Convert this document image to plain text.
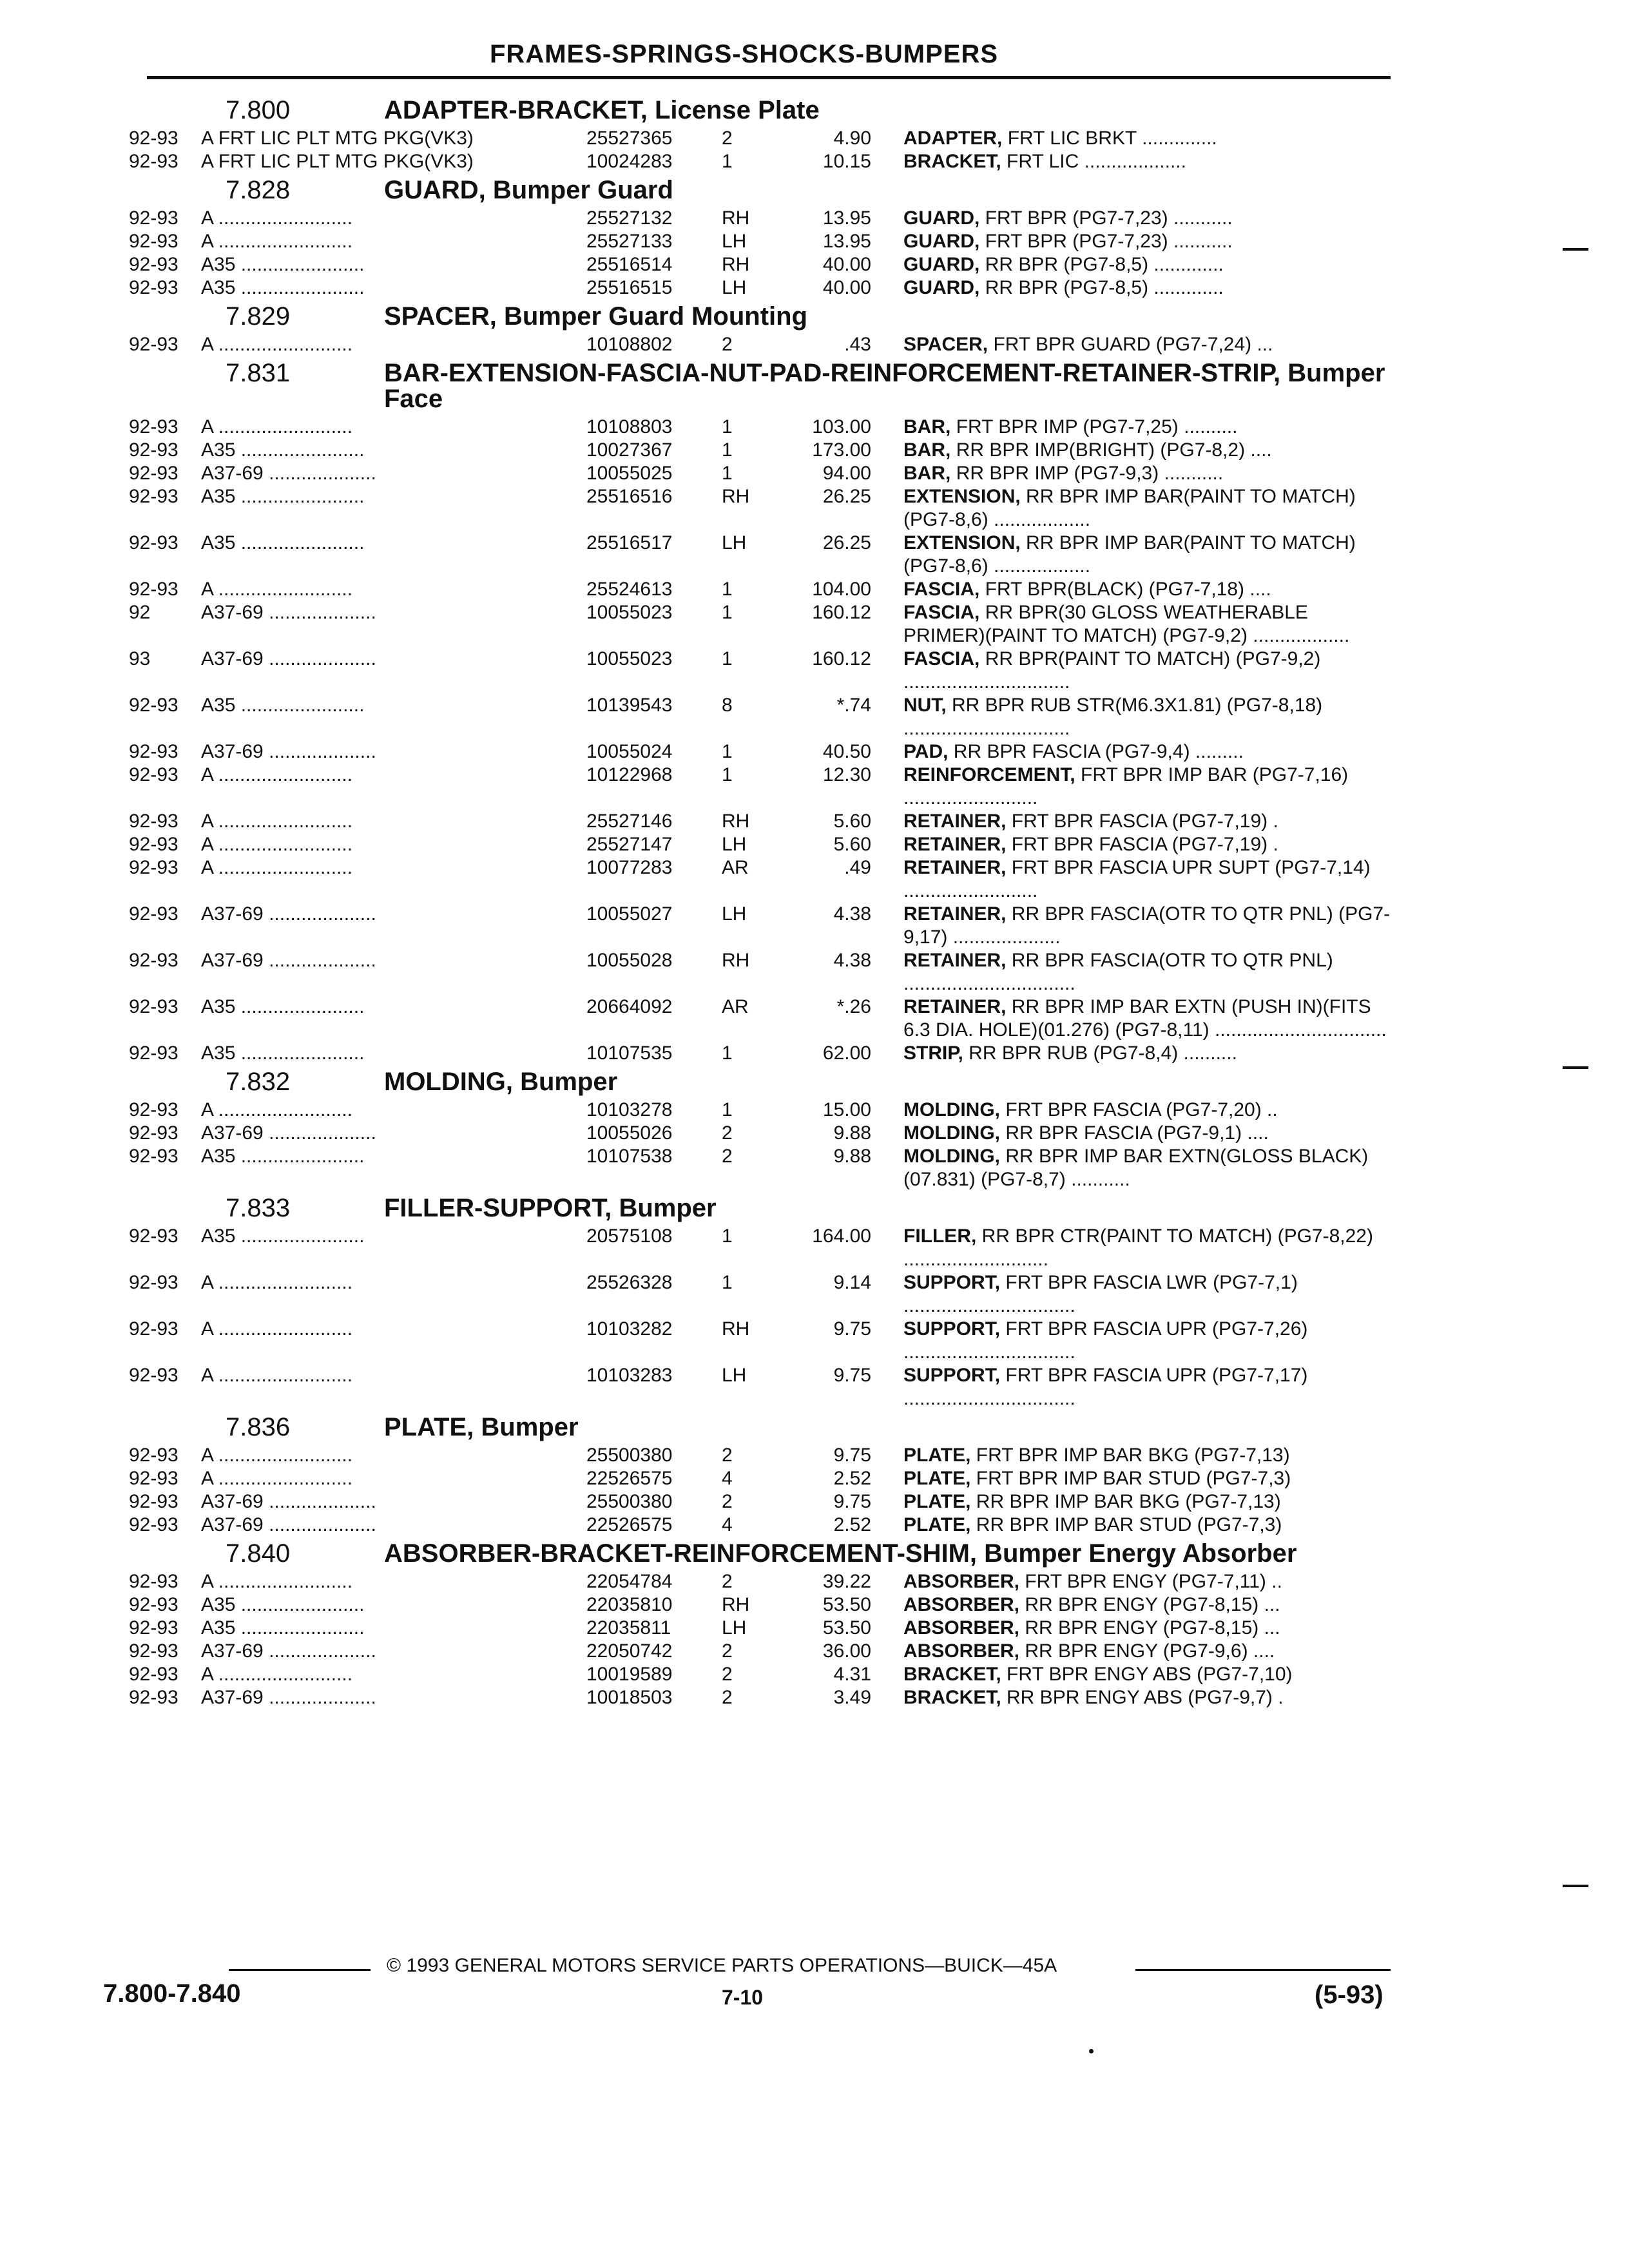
FRAMES-SPRINGS-SHOCKS-BUMPERS
7.800	ADAPTER-BRACKET, License Plate
92-93	A FRT LIC PLT MTG PKG(VK3)	25527365	2	4.90	ADAPTER, FRT LIC BRKT ..............
92-93	A FRT LIC PLT MTG PKG(VK3)	10024283	1	10.15	BRACKET, FRT LIC ...................
7.828	GUARD, Bumper Guard
92-93	A .........................	25527132	RH	13.95	GUARD, FRT BPR (PG7-7,23) ...........
92-93	A .........................	25527133	LH	13.95	GUARD, FRT BPR (PG7-7,23) ...........
92-93	A35 .......................	25516514	RH	40.00	GUARD, RR BPR (PG7-8,5) .............
92-93	A35 .......................	25516515	LH	40.00	GUARD, RR BPR (PG7-8,5) .............
7.829	SPACER, Bumper Guard Mounting
92-93	A .........................	10108802	2	.43	SPACER, FRT BPR GUARD (PG7-7,24) ...
7.831	BAR-EXTENSION-FASCIA-NUT-PAD-REINFORCEMENT-RETAINER-STRIP, Bumper Face
92-93	A .........................	10108803	1	103.00	BAR, FRT BPR IMP (PG7-7,25) ..........
92-93	A35 .......................	10027367	1	173.00	BAR, RR BPR IMP(BRIGHT) (PG7-8,2) ....
92-93	A37-69 ....................	10055025	1	94.00	BAR, RR BPR IMP (PG7-9,3) ...........
92-93	A35 .......................	25516516	RH	26.25	EXTENSION, RR BPR IMP BAR(PAINT TO MATCH) (PG7-8,6) ..................
92-93	A35 .......................	25516517	LH	26.25	EXTENSION, RR BPR IMP BAR(PAINT TO MATCH) (PG7-8,6) ..................
92-93	A .........................	25524613	1	104.00	FASCIA, FRT BPR(BLACK) (PG7-7,18) ....
92	A37-69 ....................	10055023	1	160.12	FASCIA, RR BPR(30 GLOSS WEATHERABLE PRIMER)(PAINT TO MATCH) (PG7-9,2) ..................
93	A37-69 ....................	10055023	1	160.12	FASCIA, RR BPR(PAINT TO MATCH) (PG7-9,2) ...............................
92-93	A35 .......................	10139543	8	*.74	NUT, RR BPR RUB STR(M6.3X1.81) (PG7-8,18) ...............................
92-93	A37-69 ....................	10055024	1	40.50	PAD, RR BPR FASCIA (PG7-9,4) .........
92-93	A .........................	10122968	1	12.30	REINFORCEMENT, FRT BPR IMP BAR (PG7-7,16) .........................
92-93	A .........................	25527146	RH	5.60	RETAINER, FRT BPR FASCIA (PG7-7,19) .
92-93	A .........................	25527147	LH	5.60	RETAINER, FRT BPR FASCIA (PG7-7,19) .
92-93	A .........................	10077283	AR	.49	RETAINER, FRT BPR FASCIA UPR SUPT (PG7-7,14) .........................
92-93	A37-69 ....................	10055027	LH	4.38	RETAINER, RR BPR FASCIA(OTR TO QTR PNL) (PG7-9,17) ....................
92-93	A37-69 ....................	10055028	RH	4.38	RETAINER, RR BPR FASCIA(OTR TO QTR PNL) ................................
92-93	A35 .......................	20664092	AR	*.26	RETAINER, RR BPR IMP BAR EXTN (PUSH IN)(FITS 6.3 DIA. HOLE)(01.276) (PG7-8,11) ................................
92-93	A35 .......................	10107535	1	62.00	STRIP, RR BPR RUB (PG7-8,4) ..........
7.832	MOLDING, Bumper
92-93	A .........................	10103278	1	15.00	MOLDING, FRT BPR FASCIA (PG7-7,20) ..
92-93	A37-69 ....................	10055026	2	9.88	MOLDING, RR BPR FASCIA (PG7-9,1) ....
92-93	A35 .......................	10107538	2	9.88	MOLDING, RR BPR IMP BAR EXTN(GLOSS BLACK)(07.831) (PG7-8,7) ...........
7.833	FILLER-SUPPORT, Bumper
92-93	A35 .......................	20575108	1	164.00	FILLER, RR BPR CTR(PAINT TO MATCH) (PG7-8,22) ...........................
92-93	A .........................	25526328	1	9.14	SUPPORT, FRT BPR FASCIA LWR (PG7-7,1) ................................
92-93	A .........................	10103282	RH	9.75	SUPPORT, FRT BPR FASCIA UPR (PG7-7,26) ................................
92-93	A .........................	10103283	LH	9.75	SUPPORT, FRT BPR FASCIA UPR (PG7-7,17) ................................
7.836	PLATE, Bumper
92-93	A .........................	25500380	2	9.75	PLATE, FRT BPR IMP BAR BKG (PG7-7,13)
92-93	A .........................	22526575	4	2.52	PLATE, FRT BPR IMP BAR STUD (PG7-7,3)
92-93	A37-69 ....................	25500380	2	9.75	PLATE, RR BPR IMP BAR BKG (PG7-7,13)
92-93	A37-69 ....................	22526575	4	2.52	PLATE, RR BPR IMP BAR STUD (PG7-7,3)
7.840	ABSORBER-BRACKET-REINFORCEMENT-SHIM, Bumper Energy Absorber
92-93	A .........................	22054784	2	39.22	ABSORBER, FRT BPR ENGY (PG7-7,11) ..
92-93	A35 .......................	22035810	RH	53.50	ABSORBER, RR BPR ENGY (PG7-8,15) ...
92-93	A35 .......................	22035811	LH	53.50	ABSORBER, RR BPR ENGY (PG7-8,15) ...
92-93	A37-69 ....................	22050742	2	36.00	ABSORBER, RR BPR ENGY (PG7-9,6) ....
92-93	A .........................	10019589	2	4.31	BRACKET, FRT BPR ENGY ABS (PG7-7,10)
92-93	A37-69 ....................	10018503	2	3.49	BRACKET, RR BPR ENGY ABS (PG7-9,7) .
© 1993 GENERAL MOTORS SERVICE PARTS OPERATIONS—BUICK—45A
7.800-7.840	7-10	(5-93)
